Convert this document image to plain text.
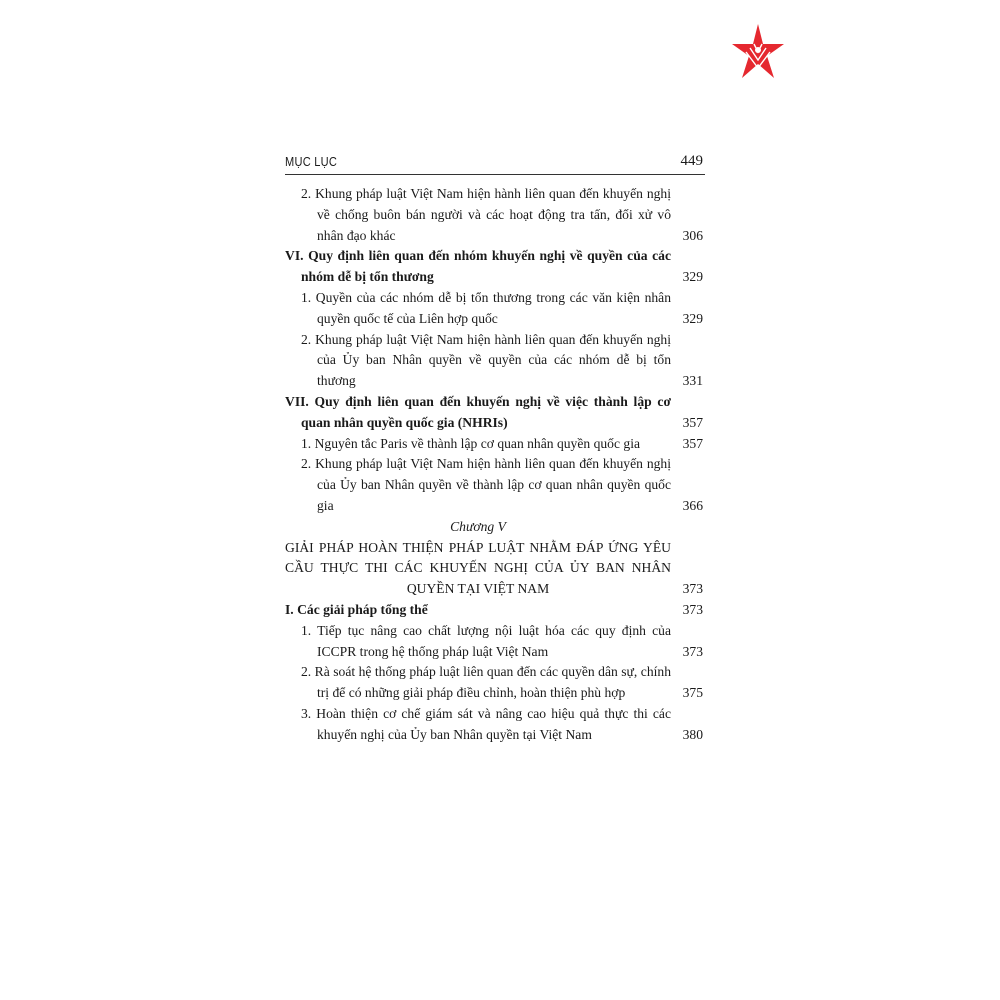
MỤC LỤC	449
2. Khung pháp luật Việt Nam hiện hành liên quan đến khuyến nghị về chống buôn bán người và các hoạt động tra tấn, đối xử vô nhân đạo khác	306
VI. Quy định liên quan đến nhóm khuyến nghị về quyền của các nhóm dễ bị tổn thương	329
1. Quyền của các nhóm dễ bị tổn thương trong các văn kiện nhân quyền quốc tế của Liên hợp quốc	329
2. Khung pháp luật Việt Nam hiện hành liên quan đến khuyến nghị của Ủy ban Nhân quyền về quyền của các nhóm dễ bị tổn thương	331
VII. Quy định liên quan đến khuyến nghị về việc thành lập cơ quan nhân quyền quốc gia (NHRIs)	357
1. Nguyên tắc Paris về thành lập cơ quan nhân quyền quốc gia	357
2. Khung pháp luật Việt Nam hiện hành liên quan đến khuyến nghị của Ủy ban Nhân quyền về thành lập cơ quan nhân quyền quốc gia	366
Chương V
GIẢI PHÁP HOÀN THIỆN PHÁP LUẬT NHẰM ĐÁP ỨNG YÊU CẦU THỰC THI CÁC KHUYẾN NGHỊ CỦA ỦY BAN NHÂN QUYỀN TẠI VIỆT NAM	373
I. Các giải pháp tổng thể	373
1. Tiếp tục nâng cao chất lượng nội luật hóa các quy định của ICCPR trong hệ thống pháp luật Việt Nam	373
2. Rà soát hệ thống pháp luật liên quan đến các quyền dân sự, chính trị để có những giải pháp điều chỉnh, hoàn thiện phù hợp	375
3. Hoàn thiện cơ chế giám sát và nâng cao hiệu quả thực thi các khuyến nghị của Ủy ban Nhân quyền tại Việt Nam	380
